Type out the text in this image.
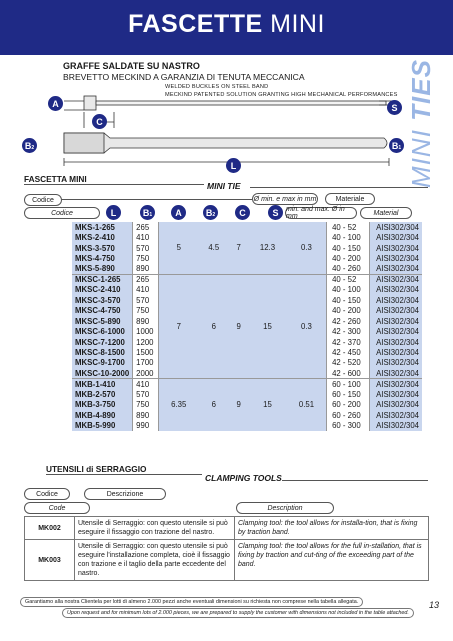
FASCETTE MINI
MINI TIES
GRAFFE SALDATE SU NASTRO
BREVETTO MECKIND A GARANZIA DI TENUTA MECCANICA
WELDED BUCKLES ON STEEL BAND
MECKIND PATENTED SOLUTION GRANTING HIGH MECHANICAL PERFORMANCES
A
C
S
$B_2$	$B_1$
L
FASCETTA MINI
MINI TIE
Codice
Codice
Ø min. e max in mm
min. and max. Ø in mm
Materiale
Material
L	$B_1$	A	$B_2$	C	S
MKS-1-265	265	5	4.5	7	12.3	0.3	40 - 52	AISI302/304
MKS-2-410	410						40 - 100	AISI302/304
MKS-3-570	570						40 - 150	AISI302/304
MKS-4-750	750						40 - 200	AISI302/304
MKS-5-890	890						40 - 260	AISI302/304
MKSC-1-265	265	7	6	9	15	0.3	40 - 52	AISI302/304
MKSC-2-410	410						40 - 100	AISI302/304
MKSC-3-570	570						40 - 150	AISI302/304
MKSC-4-750	750						40 - 200	AISI302/304
MKSC-5-890	890						42 - 260	AISI302/304
MKSC-6-1000	1000						42 - 300	AISI302/304
MKSC-7-1200	1200						42 - 370	AISI302/304
MKSC-8-1500	1500						42 - 450	AISI302/304
MKSC-9-1700	1700						42 - 520	AISI302/304
MKSC-10-2000	2000						42 - 600	AISI302/304
MKB-1-410	410	6.35	6	9	15	0.51	60 - 100	AISI302/304
MKB-2-570	570						60 - 150	AISI302/304
MKB-3-750	750						60 - 200	AISI302/304
MKB-4-890	890						60 - 260	AISI302/304
MKB-5-990	990						60 - 300	AISI302/304
UTENSILI di SERRAGGIO
CLAMPING TOOLS
Codice
Code
Descrizione
Description
MK002	Utensile di Serraggio: con questo utensile si può eseguire il fissaggio con trazione del nastro.	Clamping tool: the tool allows for installa-tion, that is fixing by traction band.
MK003	Utensile di Serraggio: con questo utensile si può eseguire l'installazione completa, cioè il fissaggio con trazione e il taglio della parte eccedente del nastro.	Clamping tool: the tool allows for the full in-stallation, that is fixing by traction and cut-ting of the exceeding part of the band.
Garantiamo alla nostra Clientela per lotti di almeno 2.000 pezzi anche eventuali dimensioni su richiesta non comprese nella tabella allegata.
Upon request and for minimum lots of 2.000 pieces, we are prepared to supply the customer with dimensions not included in the table attached.
13
